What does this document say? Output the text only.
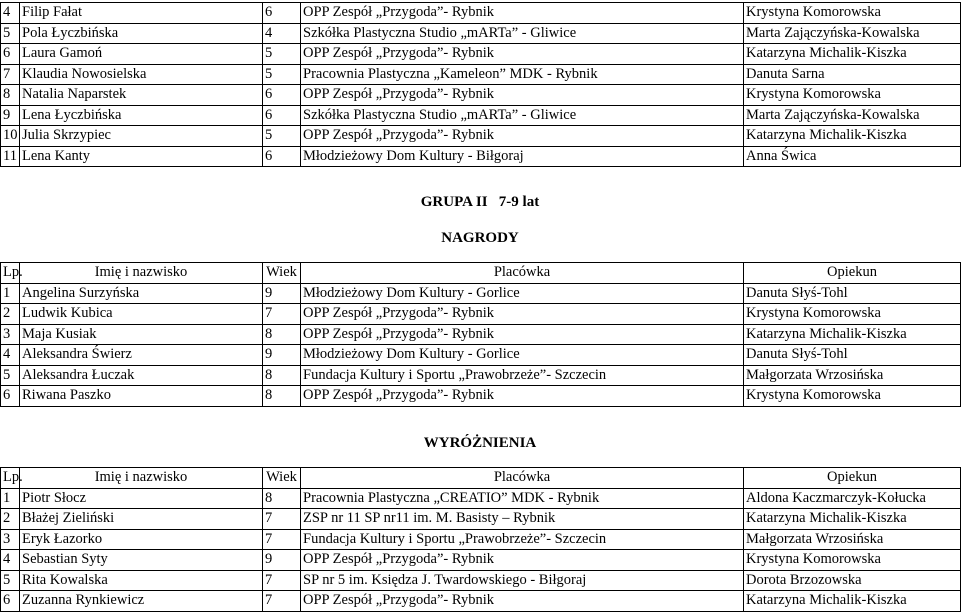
4	Filip Fałat	6	OPP Zespół „Przygoda”- Rybnik	Krystyna Komorowska
5	Pola Łyczbińska	4	Szkółka Plastyczna Studio „mARTa” - Gliwice	Marta Zajączyńska-Kowalska
6	Laura Gamoń	5	OPP Zespół „Przygoda”- Rybnik	Katarzyna Michalik-Kiszka
7	Klaudia Nowosielska	5	Pracownia Plastyczna „Kameleon” MDK - Rybnik	Danuta Sarna
8	Natalia Naparstek	6	OPP Zespół „Przygoda”- Rybnik	Krystyna Komorowska
9	Lena Łyczbińska	6	Szkółka Plastyczna Studio „mARTa” - Gliwice	Marta Zajączyńska-Kowalska
10	Julia Skrzypiec	5	OPP Zespół „Przygoda”- Rybnik	Katarzyna Michalik-Kiszka
11	Lena Kanty	6	Młodzieżowy Dom Kultury - Biłgoraj	Anna Świca
GRUPA II   7-9 lat
NAGRODY
Lp.	Imię i nazwisko	Wiek	Placówka	Opiekun
1	Angelina Surzyńska	9	Młodzieżowy Dom Kultury - Gorlice	Danuta Słyś-Tohl
2	Ludwik Kubica	7	OPP Zespół „Przygoda”- Rybnik	Krystyna Komorowska
3	Maja Kusiak	8	OPP Zespół „Przygoda”- Rybnik	Katarzyna Michalik-Kiszka
4	Aleksandra Świerz	9	Młodzieżowy Dom Kultury - Gorlice	Danuta Słyś-Tohl
5	Aleksandra Łuczak	8	Fundacja Kultury i Sportu „Prawobrzeże”- Szczecin	Małgorzata Wrzosińska
6	Riwana Paszko	8	OPP Zespół „Przygoda”- Rybnik	Krystyna Komorowska
WYRÓŻNIENIA
Lp.	Imię i nazwisko	Wiek	Placówka	Opiekun
1	Piotr Słocz	8	Pracownia Plastyczna „CREATIO” MDK - Rybnik	Aldona Kaczmarczyk-Kołucka
2	Błażej Zieliński	7	ZSP nr 11 SP nr11 im. M. Basisty – Rybnik	Katarzyna Michalik-Kiszka
3	Eryk Łazorko	7	Fundacja Kultury i Sportu „Prawobrzeże”- Szczecin	Małgorzata Wrzosińska
4	Sebastian Syty	9	OPP Zespół „Przygoda”- Rybnik	Krystyna Komorowska
5	Rita Kowalska	7	SP nr 5 im. Księdza J. Twardowskiego - Biłgoraj	Dorota Brzozowska
6	Zuzanna Rynkiewicz	7	OPP Zespół „Przygoda”- Rybnik	Katarzyna Michalik-Kiszka
